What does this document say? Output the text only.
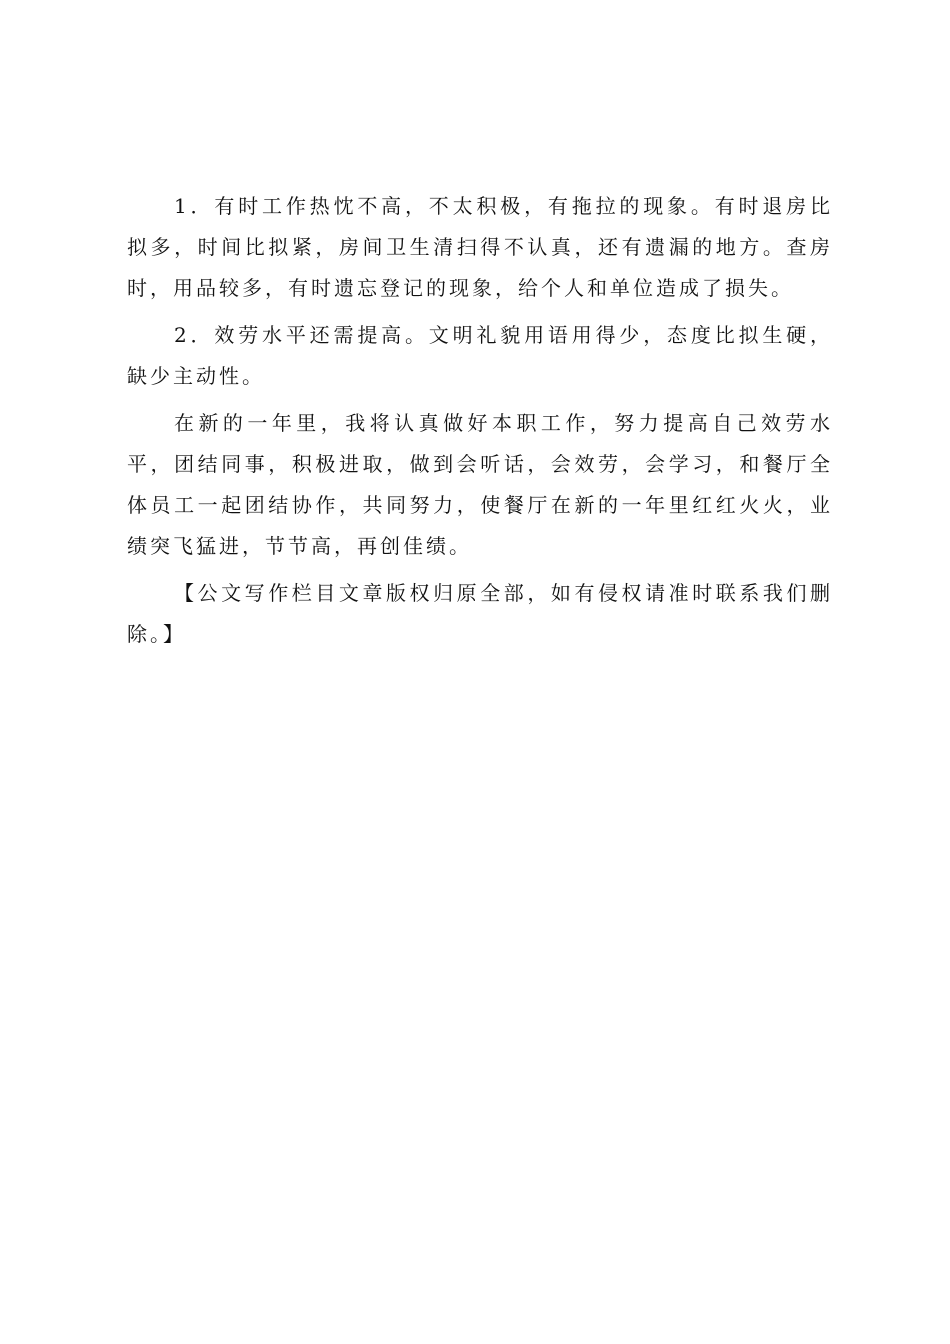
1．有时工作热忱不高，不太积极，有拖拉的现象。有时退房比拟多，时间比拟紧，房间卫生清扫得不认真，还有遗漏的地方。查房时，用品较多，有时遗忘登记的现象，给个人和单位造成了损失。

2．效劳水平还需提高。文明礼貌用语用得少，态度比拟生硬，缺少主动性。

在新的一年里，我将认真做好本职工作，努力提高自己效劳水平，团结同事，积极进取，做到会听话，会效劳，会学习，和餐厅全体员工一起团结协作，共同努力，使餐厅在新的一年里红红火火，业绩突飞猛进，节节高，再创佳绩。

【公文写作栏目文章版权归原全部，如有侵权请准时联系我们删除。】
